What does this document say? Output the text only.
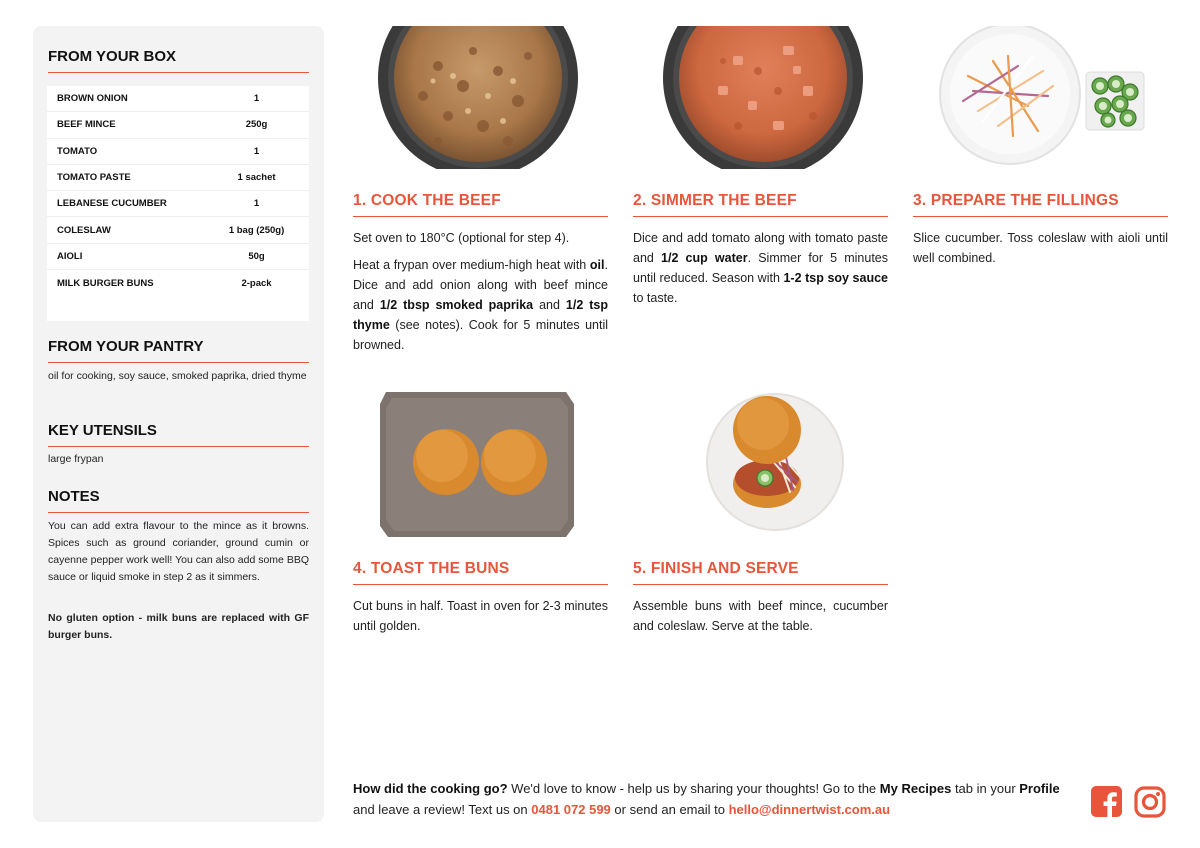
FROM YOUR BOX
BROWN ONION	1
BEEF MINCE	250g
TOMATO	1
TOMATO PASTE	1 sachet
LEBANESE CUCUMBER	1
COLESLAW	1 bag (250g)
AIOLI	50g
MILK BURGER BUNS	2-pack
FROM YOUR PANTRY
oil for cooking, soy sauce, smoked paprika, dried thyme
KEY UTENSILS
large frypan
NOTES
You can add extra flavour to the mince as it browns. Spices such as ground coriander, ground cumin or cayenne pepper work well! You can also add some BBQ sauce or liquid smoke in step 2 as it simmers.
No gluten option - milk buns are replaced with GF burger buns.
1. COOK THE BEEF
Set oven to 180°C (optional for step 4).
Heat a frypan over medium-high heat with oil. Dice and add onion along with beef mince and 1/2 tbsp smoked paprika and 1/2 tsp thyme (see notes). Cook for 5 minutes until browned.
2. SIMMER THE BEEF
Dice and add tomato along with tomato paste and 1/2 cup water. Simmer for 5 minutes until reduced. Season with 1-2 tsp soy sauce to taste.
3. PREPARE THE FILLINGS
Slice cucumber. Toss coleslaw with aioli until well combined.
4. TOAST THE BUNS
Cut buns in half. Toast in oven for 2-3 minutes until golden.
5. FINISH AND SERVE
Assemble buns with beef mince, cucumber and coleslaw. Serve at the table.
How did the cooking go? We'd love to know - help us by sharing your thoughts! Go to the My Recipes tab in your Profile and leave a review! Text us on 0481 072 599 or send an email to hello@dinnertwist.com.au
